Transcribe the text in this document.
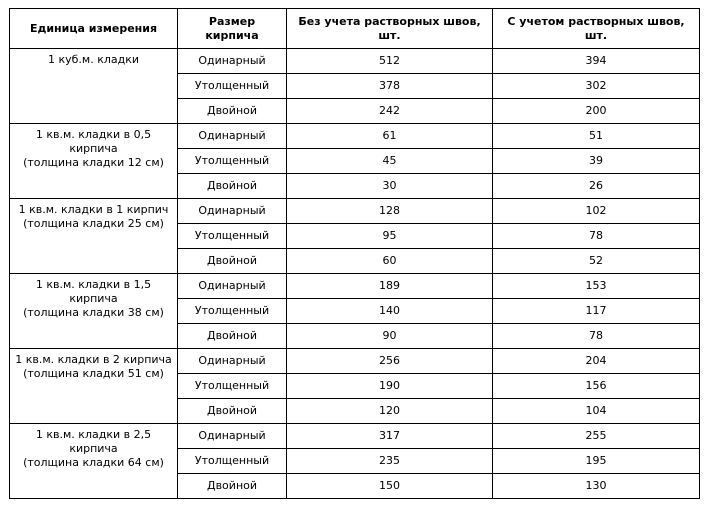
Единица измерения	Размер кирпича	Без учета растворных швов, шт.	С учетом растворных швов, шт.
1 куб.м. кладки	Одинарный	512	394
	Утолщенный	378	302
	Двойной	242	200
1 кв.м. кладки в 0,5
кирпича
(толщина кладки 12 см)	Одинарный	61	51
	Утолщенный	45	39
	Двойной	30	26
1 кв.м. кладки в 1 кирпич
(толщина кладки 25 см)	Одинарный	128	102
	Утолщенный	95	78
	Двойной	60	52
1 кв.м. кладки в 1,5
кирпича
(толщина кладки 38 см)	Одинарный	189	153
	Утолщенный	140	117
	Двойной	90	78
1 кв.м. кладки в 2 кирпича
(толщина кладки 51 см)	Одинарный	256	204
	Утолщенный	190	156
	Двойной	120	104
1 кв.м. кладки в 2,5
кирпича
(толщина кладки 64 см)	Одинарный	317	255
	Утолщенный	235	195
	Двойной	150	130
